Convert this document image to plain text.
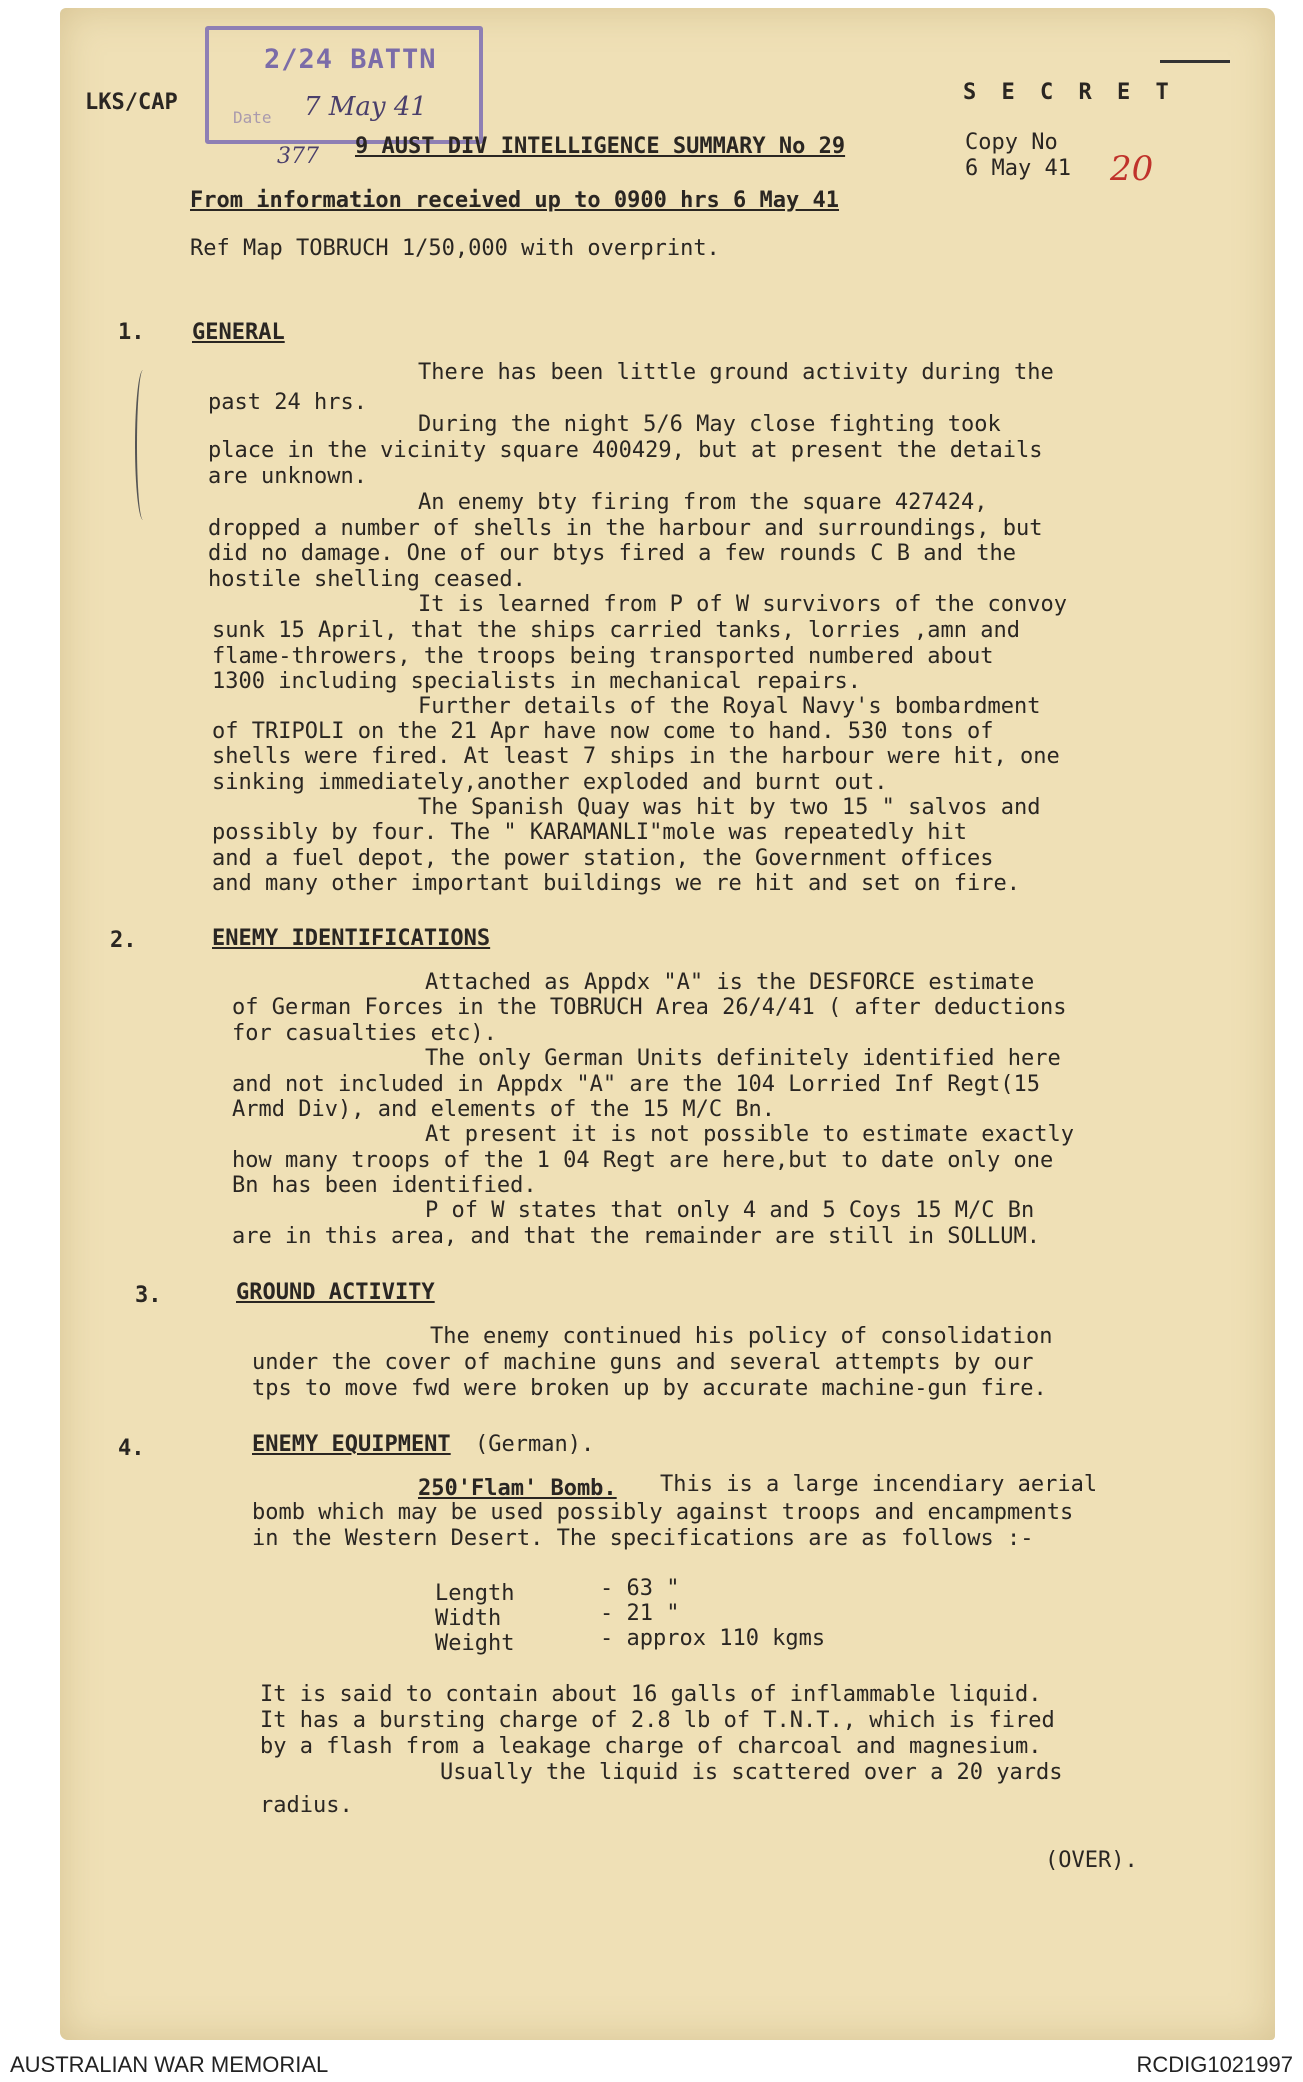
2/24 BATTN
Date 7 May 41
377
LKS/CAP	S E C R E T
9 AUST DIV INTELLIGENCE SUMMARY No 29	Copy No
20
6 May 41
From information received up to 0900 hrs 6 May 41
Ref Map TOBRUCH 1/50,000 with overprint.
1. GENERAL
There has been little ground activity during the
past 24 hrs.
During the night 5/6 May close fighting took
place in the vicinity square 400429, but at present the details
are unknown.
An enemy bty firing from the square 427424,
dropped a number of shells in the harbour and surroundings, but
did no damage. One of our btys fired a few rounds C B and the
hostile shelling ceased.
It is learned from P of W survivors of the convoy
sunk 15 April, that the ships carried tanks, lorries ,amn and
flame-throwers, the troops being transported numbered about
1300 including specialists in mechanical repairs.
Further details of the Royal Navy's bombardment
of TRIPOLI on the 21 Apr have now come to hand. 530 tons of
shells were fired. At least 7 ships in the harbour were hit, one
sinking immediately,another exploded and burnt out.
The Spanish Quay was hit by two 15 " salvos and
possibly by four. The " KARAMANLI"mole was repeatedly hit
and a fuel depot, the power station, the Government offices
and many other important buildings we re hit and set on fire.
2.	ENEMY IDENTIFICATIONS
Attached as Appdx "A" is the DESFORCE estimate
of German Forces in the TOBRUCH Area 26/4/41 ( after deductions
for casualties etc).
The only German Units definitely identified here
and not included in Appdx "A" are the 104 Lorried Inf Regt(15
Armd Div), and elements of the 15 M/C Bn.
At present it is not possible to estimate exactly
how many troops of the 1 04 Regt are here,but to date only one
Bn has been identified.
P of W states that only 4 and 5 Coys 15 M/C Bn
are in this area, and that the remainder are still in SOLLUM.
3.	GROUND ACTIVITY
The enemy continued his policy of consolidation
under the cover of machine guns and several attempts by our
tps to move fwd were broken up by accurate machine-gun fire.
4.	ENEMY EQUIPMENT (German).
250'Flam' Bomb. This is a large incendiary aerial
bomb which may be used possibly against troops and encampments
in the Western Desert. The specifications are as follows :-
Length	- 63 "
Width	- 21 "
Weight	- approx 110 kgms
It is said to contain about 16 galls of inflammable liquid.
It has a bursting charge of 2.8 lb of T.N.T., which is fired
by a flash from a leakage charge of charcoal and magnesium.
Usually the liquid is scattered over a 20 yards
radius.
(OVER).
AUSTRALIAN WAR MEMORIAL	RCDIG1021997
